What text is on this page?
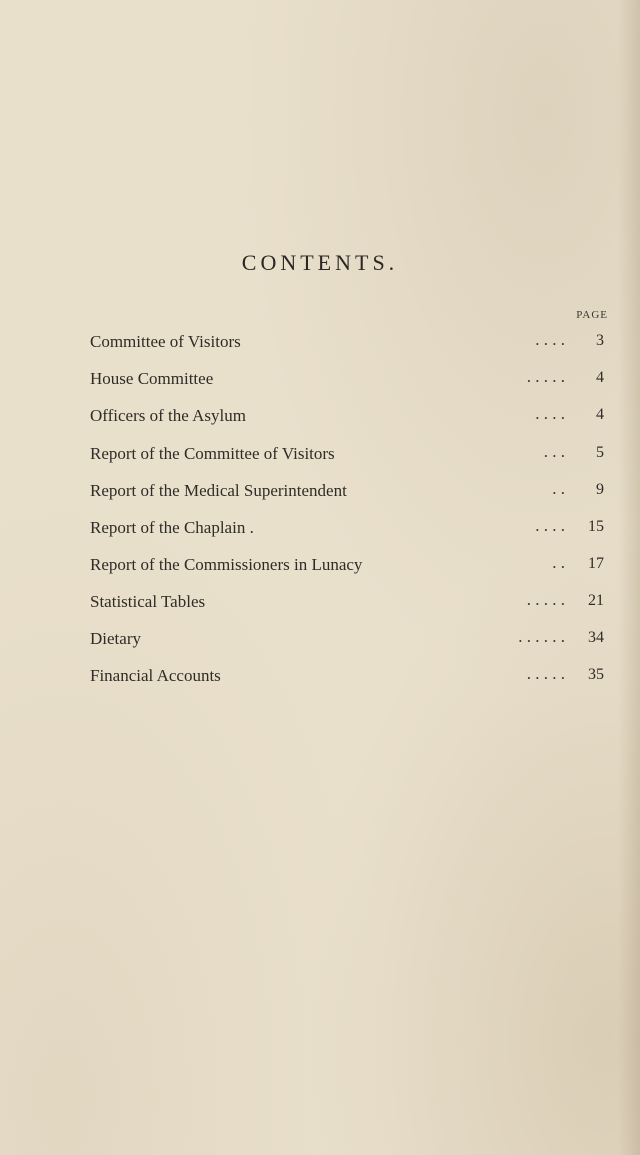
CONTENTS.
PAGE
Committee of Visitors	. . . .	3
House Committee	. . . . .	4
Officers of the Asylum	. . . .	4
Report of the Committee of Visitors	. . .	5
Report of the Medical Superintendent	. .	9
Report of the Chaplain .	. . . .	15
Report of the Commissioners in Lunacy	. .	17
Statistical Tables	. . . . .	21
Dietary	. . . . . .	34
Financial Accounts	. . . . .	35
